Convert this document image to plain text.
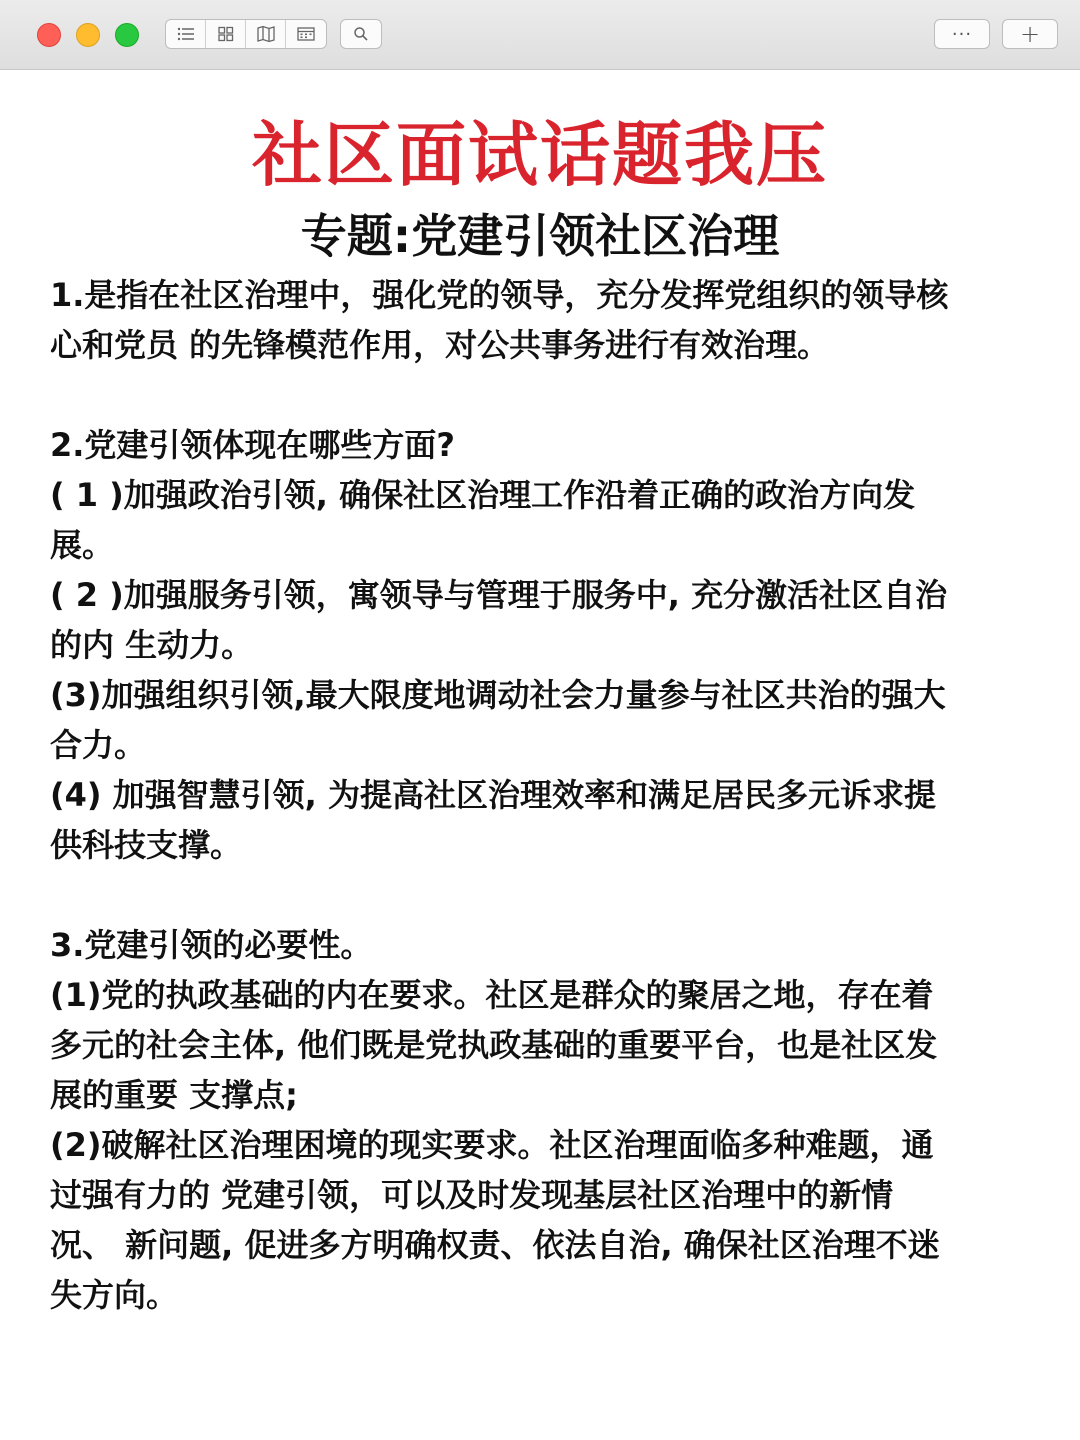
···	+
社区面试话题我压
专题:党建引领社区治理
1.是指在社区治理中，强化党的领导，充分发挥党组织的领导核
心和党员 的先锋模范作用，对公共事务进行有效治理。
2.党建引领体现在哪些方面?
( 1 )加强政治引领, 确保社区治理工作沿着正确的政治方向发
展。
( 2 )加强服务引领，寓领导与管理于服务中, 充分激活社区自治
的内 生动力。
(3)加强组织引领,最大限度地调动社会力量参与社区共治的强大
合力。
(4) 加强智慧引领, 为提高社区治理效率和满足居民多元诉求提
供科技支撑。
3.党建引领的必要性。
(1)党的执政基础的内在要求。社区是群众的聚居之地，存在着
多元的社会主体, 他们既是党执政基础的重要平台，也是社区发
展的重要 支撑点;
(2)破解社区治理困境的现实要求。社区治理面临多种难题，通
过强有力的 党建引领，可以及时发现基层社区治理中的新情
况、 新问题, 促进多方明确权责、依法自治, 确保社区治理不迷
失方向。
